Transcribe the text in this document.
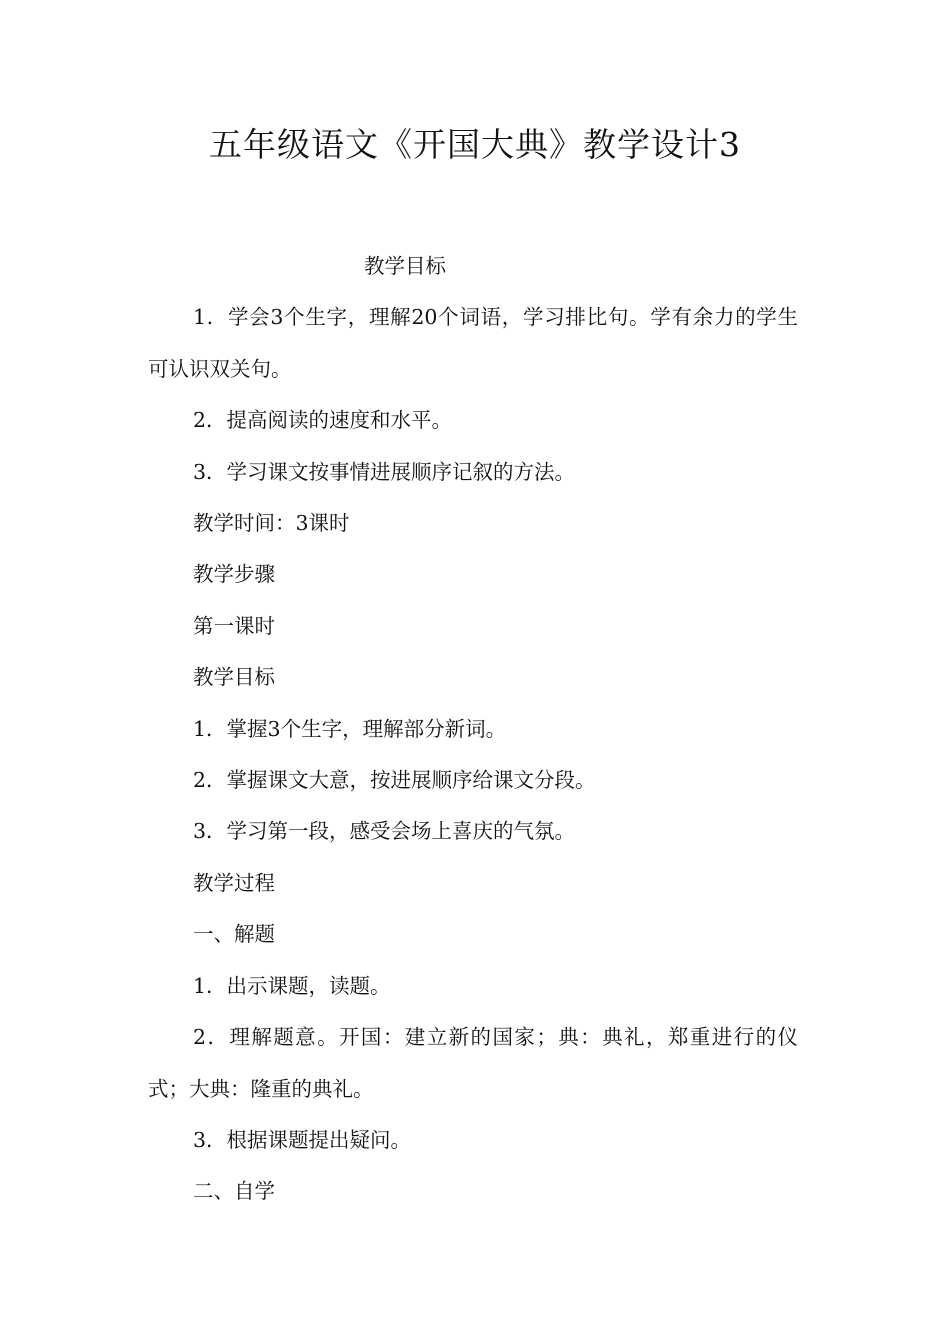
五年级语文《开国大典》教学设计3

教学目标

1．学会3个生字，理解20个词语，学习排比句。学有余力的学生可认识双关句。

2．提高阅读的速度和水平。

3．学习课文按事情进展顺序记叙的方法。

教学时间：3课时

教学步骤

第一课时

教学目标

1．掌握3个生字，理解部分新词。

2．掌握课文大意，按进展顺序给课文分段。

3．学习第一段，感受会场上喜庆的气氛。

教学过程

一、解题

1．出示课题，读题。

2．理解题意。开国：建立新的国家；典：典礼，郑重进行的仪式；大典：隆重的典礼。

3．根据课题提出疑问。

二、自学
